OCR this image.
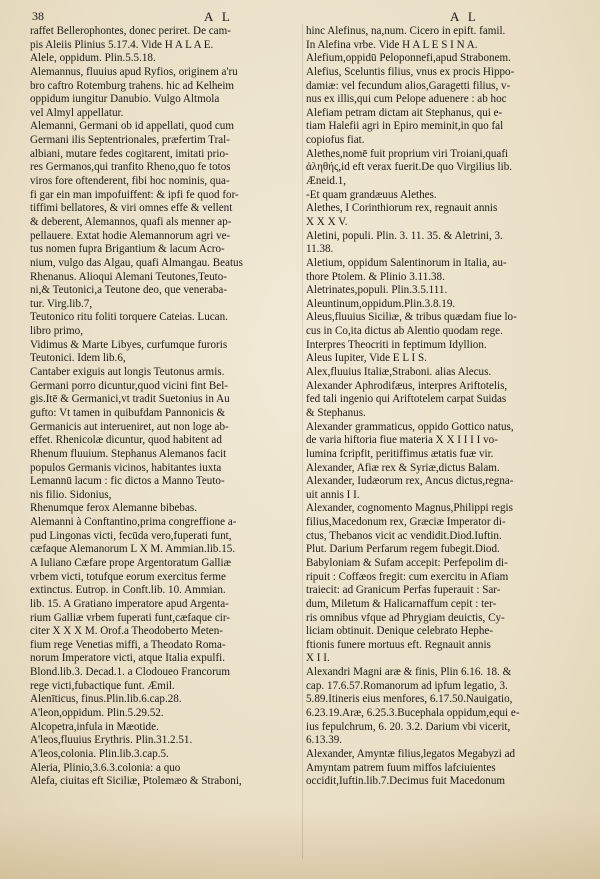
38	A L	A L
raffet Bellerophontes, donec periret. De cam-
pis Aleiis Plinius 5.17.4. Vide H A L A E.
Alele, oppidum. Plin.5.5.18.
Alemannus, fluuius apud Ryfios, originem a'ru
bro caftro Rotemburg trahens. hic ad Kelheim
oppidum iungitur Danubio. Vulgo Altmola
vel Almyl appellatur.
Alemanni, Germani ob id appellati, quod cum
Germani ilis Septentrionales, præfertim Tral-
albiani, mutare fedes cogitarent, imitati prio-
res Germanos,qui tranfito Rheno,quo fe totos
viros fore oftenderent, fibi hoc nominis, qua-
fi gar ein man impofuiffent: & ipfi fe quod for-
tiffimi bellatores, & viri omnes effe & vellent
& deberent, Alemannos, quafi als menner ap-
pellauere. Extat hodie Alemannorum agri ve-
tus nomen fupra Brigantium & lacum Acro-
nium, vulgo das Algau, quafi Almangau. Beatus
Rhenanus. Alioqui Alemani Teutones,Teuto-
ni,& Teutonici,a Teutone deo, que veneraba-
tur. Virg.lib.7,
Teutonico ritu foliti torquere Cateias. Lucan.
libro primo,
Vidimus & Marte Libyes, curfumque furoris
Teutonici. Idem lib.6,
Cantaber exiguis aut longis Teutonus armis.
Germani porro dicuntur,quod vicini fint Bel-
gis.Itē & Germanici,vt tradit Suetonius in Au
gufto: Vt tamen in quibufdam Pannonicis &
Germanicis aut interueniret, aut non loge ab-
effet. Rhenicolæ dicuntur, quod habitent ad
Rhenum fluuium. Stephanus Alemanos facit
populos Germanis vicinos, habitantes iuxta
Lemannū lacum : fic dictos a Manno Teuto-
nis filio. Sidonius,
Rhenumque ferox Alemanne bibebas.
Alemanni à Conftantino,prima congreffione a-
pud Lingonas victi, fecūda vero,fuperati funt,
cæfaque Alemanorum L X M. Ammian.lib.15.
A Iuliano Cæfare prope Argentoratum Galliæ
vrbem victi, totufque eorum exercitus ferme
extinctus. Eutrop. in Conft.lib. 10. Ammian.
lib. 15. A Gratiano imperatore apud Argenta-
rium Galliæ vrbem fuperati funt,cæfaque cir-
citer X X X M. Orof.a Theodoberto Meten-
fium rege Venetias miffi, a Theodato Roma-
norum Imperatore victi, atque Italia expulfi.
Blond.lib.3. Decad.1. a Clodoueo Francorum
rege victi,fubactique funt. Æmil.
Alenīticus, finus.Plin.lib.6.cap.28.
A'leon,oppidum. Plin.5.29.52.
Alcopetra,infula in Mæotide.
A'leos,fluuius Erythris. Plin.31.2.51.
A'leos,colonia. Plin.lib.3.cap.5.
Aleria, Plinio,3.6.3.colonia: a quo
Alefa, ciuitas eft Siciliæ, Ptolemæo & Straboni,
hinc Alefinus, na,num. Cicero in epift. famil.
In Alefina vrbe. Vide H A L E S I N A.
Alefium,oppidū Peloponnefi,apud Strabonem.
Alefius, Sceluntis filius, vnus ex procis Hippo-
damiæ: vel fecundum alios,Garagetti filius, v-
nus ex illis,qui cum Pelope aduenere : ab hoc
Alefiam petram dictam ait Stephanus, qui e-
tiam Halefii agri in Epiro meminit,in quo fal
copiofus fiat.
Alethes,nomē fuit proprium viri Troiani,quafi
ἀληθής,id eft verax fuerit.De quo Virgilius lib.
Æneid.1,
-Et quam grandæuus Alethes.
Alethes, I Corinthiorum rex, regnauit annis
X X X V.
Aletini, populi. Plin. 3. 11. 35. & Aletrini, 3.
11.38.
Aletium, oppidum Salentinorum in Italia, au-
thore Ptolem. & Plinio 3.11.38.
Aletrinates,populi. Plin.3.5.111.
Aleuntinum,oppidum.Plin.3.8.19.
Aleus,fluuius Siciliæ, & tribus quædam fiue lo-
cus in Co,ita dictus ab Alentio quodam rege.
Interpres Theocriti in feptimum Idyllion.
Aleus Iupiter, Vide E L I S.
Alex,fluuius Italiæ,Straboni. alias Alecus.
Alexander Aphrodifæus, interpres Ariftotelis,
fed tali ingenio qui Ariftotelem carpat Suidas
& Stephanus.
Alexander grammaticus, oppido Gottico natus,
de varia hiftoria fiue materia X X I I I I vo-
lumina fcripfit, peritiffimus ætatis fuæ vir.
Alexander, Afiæ rex & Syriæ,dictus Balam.
Alexander, Iudæorum rex, Ancus dictus,regna-
uit annis I I.
Alexander, cognomento Magnus,Philippi regis
filius,Macedonum rex, Græciæ Imperator di-
ctus, Thebanos vicit ac vendidit.Diod.Iuftin.
Plut. Darium Perfarum regem fubegit.Diod.
Babyloniam & Sufam accepit: Perfepolim di-
ripuit : Coffæos fregit: cum exercitu in Afiam
traiecit: ad Granicum Perfas fuperauit : Sar-
dum, Miletum & Halicarnaffum cepit : ter-
ris omnibus vfque ad Phrygiam deuictis, Cy-
liciam obtinuit. Denique celebrato Hephe-
ftionis funere mortuus eft. Regnauit annis
X I I.
Alexandri Magni aræ & finis, Plin 6.16. 18. &
cap. 17.6.57.Romanorum ad ipfum legatio, 3.
5.89.Itineris eius menfores, 6.17.50.Nauigatio,
6.23.19.Aræ, 6.25.3.Bucephala oppidum,equi e-
ius fepulchrum, 6. 20. 3.2. Darium vbi vicerit,
6.13.39.
Alexander, Amyntæ filius,legatos Megabyzi ad
Amyntam patrem fuum miffos lafciuientes
occidit,Iuftin.lib.7.Decimus fuit Macedonum
